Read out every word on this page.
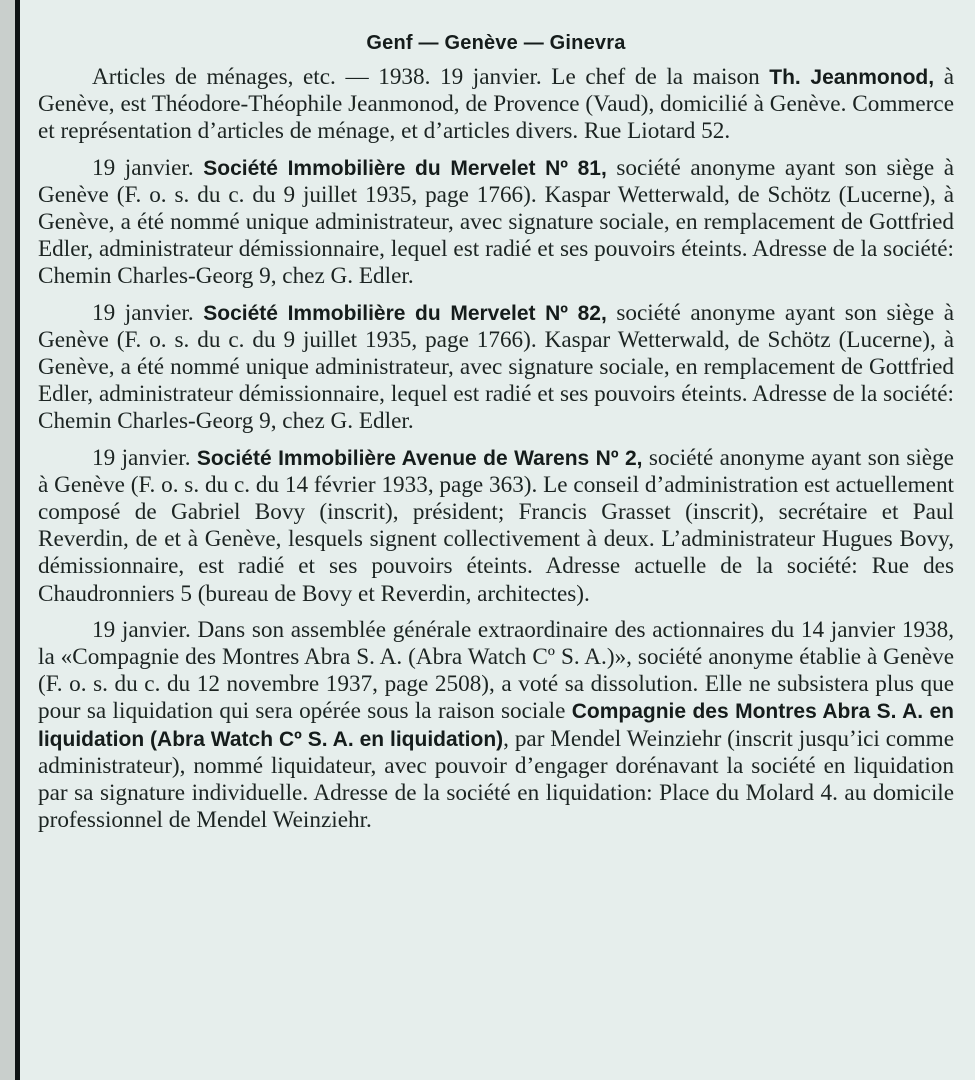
Genf — Genève — Ginevra

Articles de ménages, etc. — 1938. 19 janvier. Le chef de la maison Th. Jeanmonod, à Genève, est Théodore-Théophile Jeanmonod, de Provence (Vaud), domicilié à Genève. Commerce et représentation d’articles de ménage, et d’articles divers. Rue Liotard 52.

19 janvier. Société Immobilière du Mervelet Nº 81, société anonyme ayant son siège à Genève (F. o. s. du c. du 9 juillet 1935, page 1766). Kaspar Wetterwald, de Schötz (Lucerne), à Genève, a été nommé unique administrateur, avec signature sociale, en remplacement de Gottfried Edler, administrateur démissionnaire, lequel est radié et ses pouvoirs éteints. Adresse de la société: Chemin Charles-Georg 9, chez G. Edler.

19 janvier. Société Immobilière du Mervelet Nº 82, société anonyme ayant son siège à Genève (F. o. s. du c. du 9 juillet 1935, page 1766). Kaspar Wetterwald, de Schötz (Lucerne), à Genève, a été nommé unique administrateur, avec signature sociale, en remplacement de Gottfried Edler, administrateur démissionnaire, lequel est radié et ses pouvoirs éteints. Adresse de la société: Chemin Charles-Georg 9, chez G. Edler.

19 janvier. Société Immobilière Avenue de Warens Nº 2, société anonyme ayant son siège à Genève (F. o. s. du c. du 14 février 1933, page 363). Le conseil d’administration est actuellement composé de Gabriel Bovy (inscrit), président; Francis Grasset (inscrit), secrétaire et Paul Reverdin, de et à Genève, lesquels signent collectivement à deux. L’administrateur Hugues Bovy, démissionnaire, est radié et ses pouvoirs éteints. Adresse actuelle de la société: Rue des Chaudronniers 5 (bureau de Bovy et Reverdin, architectes).

19 janvier. Dans son assemblée générale extraordinaire des actionnaires du 14 janvier 1938, la «Compagnie des Montres Abra S. A. (Abra Watch Cº S. A.)», société anonyme établie à Genève (F. o. s. du c. du 12 novembre 1937, page 2508), a voté sa dissolution. Elle ne subsistera plus que pour sa liquidation qui sera opérée sous la raison sociale Compagnie des Montres Abra S. A. en liquidation (Abra Watch Cº S. A. en liquidation), par Mendel Weinziehr (inscrit jusqu’ici comme administrateur), nommé liquidateur, avec pouvoir d’engager dorénavant la société en liquidation par sa signature individuelle. Adresse de la société en liquidation: Place du Molard 4. au domicile professionnel de Mendel Weinziehr.
